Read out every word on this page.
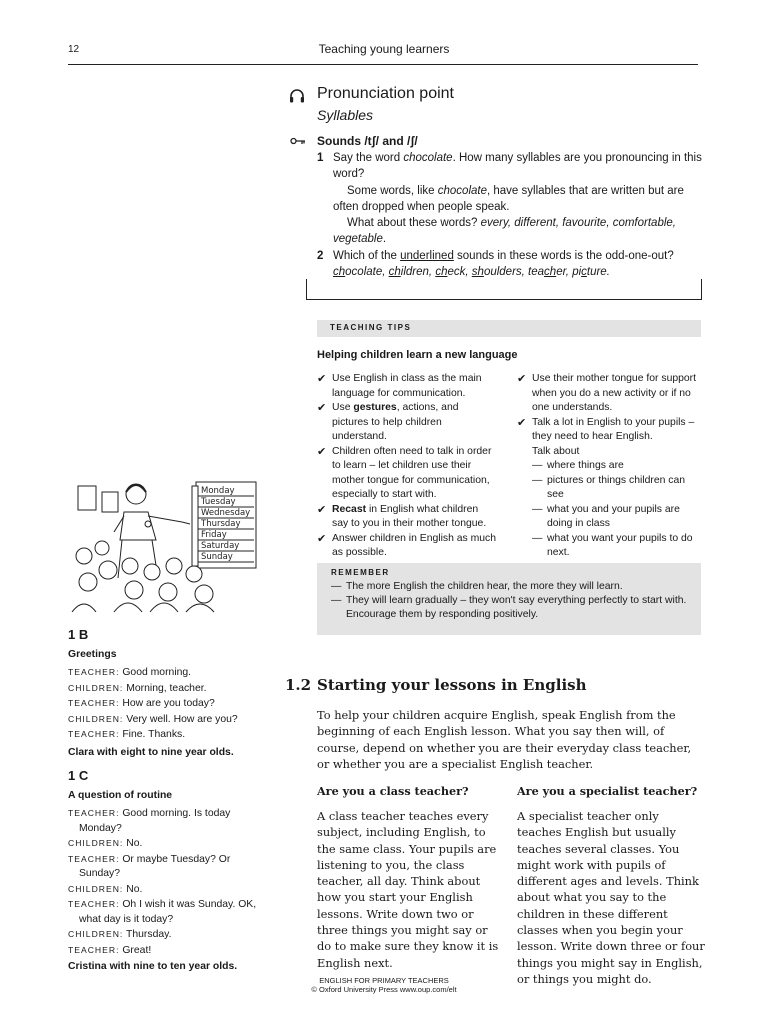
12	Teaching young learners
Pronunciation point
Syllables
Sounds /tʃ/ and /ʃ/
1 Say the word chocolate. How many syllables are you pronouncing in this word?
Some words, like chocolate, have syllables that are written but are often dropped when people speak.
What about these words? every, different, favourite, comfortable, vegetable.
2 Which of the underlined sounds in these words is the odd-one-out?
chocolate, children, check, shoulders, teacher, picture.
TEACHING TIPS
Helping children learn a new language
✔ Use English in class as the main language for communication.
✔ Use gestures, actions, and pictures to help children understand.
✔ Children often need to talk in order to learn – let children use their mother tongue for communication, especially to start with.
✔ Recast in English what children say to you in their mother tongue.
✔ Answer children in English as much as possible.
✔ Use their mother tongue for support when you do a new activity or if no one understands.
✔ Talk a lot in English to your pupils – they need to hear English.
Talk about
— where things are
— pictures or things children can see
— what you and your pupils are doing in class
— what you want your pupils to do next.
REMEMBER
— The more English the children hear, the more they will learn.
— They will learn gradually – they won't say everything perfectly to start with. Encourage them by responding positively.
Monday
Tuesday
Wednesday
Thursday
Friday
Saturday
Sunday
1 B
Greetings
TEACHER: Good morning.
CHILDREN: Morning, teacher.
TEACHER: How are you today?
CHILDREN: Very well. How are you?
TEACHER: Fine. Thanks.
Clara with eight to nine year olds.
1 C
A question of routine
TEACHER: Good morning. Is today Monday?
CHILDREN: No.
TEACHER: Or maybe Tuesday? Or Sunday?
CHILDREN: No.
TEACHER: Oh I wish it was Sunday. OK, what day is it today?
CHILDREN: Thursday.
TEACHER: Great!
Cristina with nine to ten year olds.
1.2 Starting your lessons in English
To help your children acquire English, speak English from the beginning of each English lesson. What you say then will, of course, depend on whether you are their everyday class teacher, or whether you are a specialist English teacher.
Are you a class teacher?
A class teacher teaches every subject, including English, to the same class. Your pupils are listening to you, the class teacher, all day. Think about how you start your English lessons. Write down two or three things you might say or do to make sure they know it is English next.
Are you a specialist teacher?
A specialist teacher only teaches English but usually teaches several classes. You might work with pupils of different ages and levels. Think about what you say to the children in these different classes when you begin your lesson. Write down three or four things you might say in English, or things you might do.
ENGLISH FOR PRIMARY TEACHERS
© Oxford University Press www.oup.com/elt
